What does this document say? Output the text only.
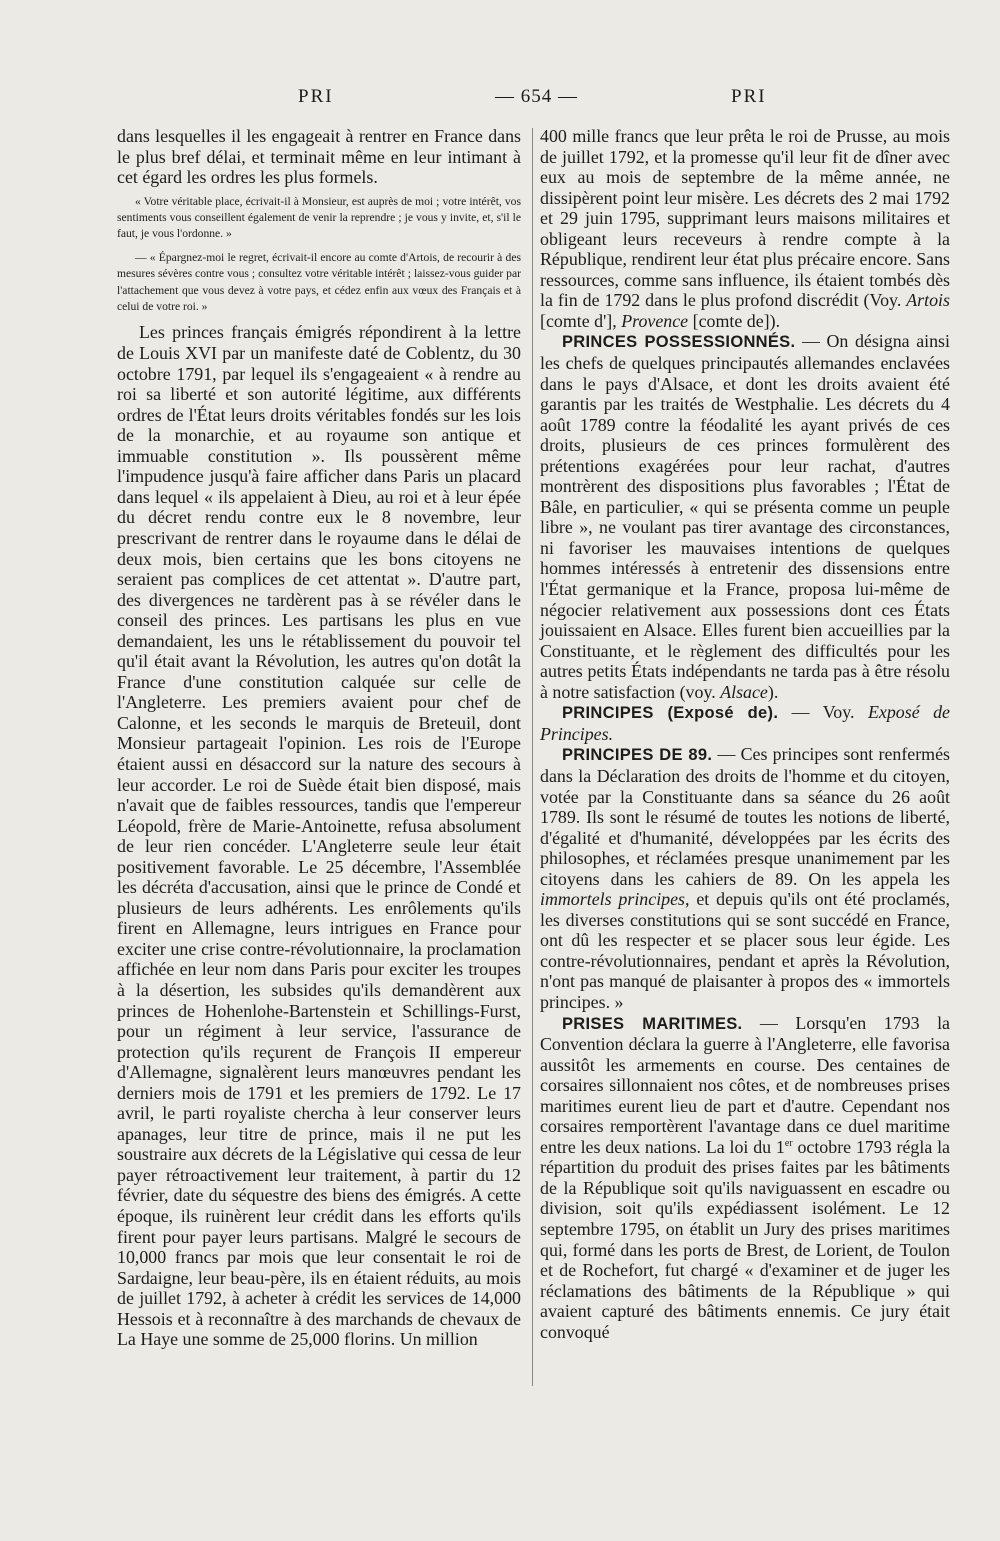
PRI	— 654 —	PRI

dans lesquelles il les engageait à rentrer en France dans le plus bref délai, et terminait même en leur intimant à cet égard les ordres les plus formels.

« Votre véritable place, écrivait-il à Monsieur, est auprès de moi ; votre intérêt, vos sentiments vous conseillent également de venir la reprendre ; je vous y invite, et, s'il le faut, je vous l'ordonne. »

— « Épargnez-moi le regret, écrivait-il encore au comte d'Artois, de recourir à des mesures sévères contre vous ; consultez votre véritable intérêt ; laissez-vous guider par l'attachement que vous devez à votre pays, et cédez enfin aux vœux des Français et à celui de votre roi. »

Les princes français émigrés répondirent à la lettre de Louis XVI par un manifeste daté de Coblentz, du 30 octobre 1791, par lequel ils s'engageaient « à rendre au roi sa liberté et son autorité légitime, aux différents ordres de l'État leurs droits véritables fondés sur les lois de la monarchie, et au royaume son antique et immuable constitution ». Ils poussèrent même l'impudence jusqu'à faire afficher dans Paris un placard dans lequel « ils appelaient à Dieu, au roi et à leur épée du décret rendu contre eux le 8 novembre, leur prescrivant de rentrer dans le royaume dans le délai de deux mois, bien certains que les bons citoyens ne seraient pas complices de cet attentat ». D'autre part, des divergences ne tardèrent pas à se révéler dans le conseil des princes. Les partisans les plus en vue demandaient, les uns le rétablissement du pouvoir tel qu'il était avant la Révolution, les autres qu'on dotât la France d'une constitution calquée sur celle de l'Angleterre. Les premiers avaient pour chef de Calonne, et les seconds le marquis de Breteuil, dont Monsieur partageait l'opinion. Les rois de l'Europe étaient aussi en désaccord sur la nature des secours à leur accorder. Le roi de Suède était bien disposé, mais n'avait que de faibles ressources, tandis que l'empereur Léopold, frère de Marie-Antoinette, refusa absolument de leur rien concéder. L'Angleterre seule leur était positivement favorable. Le 25 décembre, l'Assemblée les décréta d'accusation, ainsi que le prince de Condé et plusieurs de leurs adhérents. Les enrôlements qu'ils firent en Allemagne, leurs intrigues en France pour exciter une crise contre-révolutionnaire, la proclamation affichée en leur nom dans Paris pour exciter les troupes à la désertion, les subsides qu'ils demandèrent aux princes de Hohenlohe-Bartenstein et Schillings-Furst, pour un régiment à leur service, l'assurance de protection qu'ils reçurent de François II empereur d'Allemagne, signalèrent leurs manœuvres pendant les derniers mois de 1791 et les premiers de 1792. Le 17 avril, le parti royaliste chercha à leur conserver leurs apanages, leur titre de prince, mais il ne put les soustraire aux décrets de la Législative qui cessa de leur payer rétroactivement leur traitement, à partir du 12 février, date du séquestre des biens des émigrés. A cette époque, ils ruinèrent leur crédit dans les efforts qu'ils firent pour payer leurs partisans. Malgré le secours de 10,000 francs par mois que leur consentait le roi de Sardaigne, leur beau-père, ils en étaient réduits, au mois de juillet 1792, à acheter à crédit les services de 14,000 Hessois et à reconnaître à des marchands de chevaux de La Haye une somme de 25,000 florins. Un million

400 mille francs que leur prêta le roi de Prusse, au mois de juillet 1792, et la promesse qu'il leur fit de dîner avec eux au mois de septembre de la même année, ne dissipèrent point leur misère. Les décrets des 2 mai 1792 et 29 juin 1795, supprimant leurs maisons militaires et obligeant leurs receveurs à rendre compte à la République, rendirent leur état plus précaire encore. Sans ressources, comme sans influence, ils étaient tombés dès la fin de 1792 dans le plus profond discrédit (Voy. Artois [comte d'], Provence [comte de]).

PRINCES POSSESSIONNÉS. — On désigna ainsi les chefs de quelques principautés allemandes enclavées dans le pays d'Alsace, et dont les droits avaient été garantis par les traités de Westphalie. Les décrets du 4 août 1789 contre la féodalité les ayant privés de ces droits, plusieurs de ces princes formulèrent des prétentions exagérées pour leur rachat, d'autres montrèrent des dispositions plus favorables ; l'État de Bâle, en particulier, « qui se présenta comme un peuple libre », ne voulant pas tirer avantage des circonstances, ni favoriser les mauvaises intentions de quelques hommes intéressés à entretenir des dissensions entre l'État germanique et la France, proposa lui-même de négocier relativement aux possessions dont ces États jouissaient en Alsace. Elles furent bien accueillies par la Constituante, et le règlement des difficultés pour les autres petits États indépendants ne tarda pas à être résolu à notre satisfaction (voy. Alsace).

PRINCIPES (Exposé de). — Voy. Exposé de Principes.

PRINCIPES DE 89. — Ces principes sont renfermés dans la Déclaration des droits de l'homme et du citoyen, votée par la Constituante dans sa séance du 26 août 1789. Ils sont le résumé de toutes les notions de liberté, d'égalité et d'humanité, développées par les écrits des philosophes, et réclamées presque unanimement par les citoyens dans les cahiers de 89. On les appela les immortels principes, et depuis qu'ils ont été proclamés, les diverses constitutions qui se sont succédé en France, ont dû les respecter et se placer sous leur égide. Les contre-révolutionnaires, pendant et après la Révolution, n'ont pas manqué de plaisanter à propos des « immortels principes. »

PRISES MARITIMES. — Lorsqu'en 1793 la Convention déclara la guerre à l'Angleterre, elle favorisa aussitôt les armements en course. Des centaines de corsaires sillonnaient nos côtes, et de nombreuses prises maritimes eurent lieu de part et d'autre. Cependant nos corsaires remportèrent l'avantage dans ce duel maritime entre les deux nations. La loi du 1er octobre 1793 régla la répartition du produit des prises faites par les bâtiments de la République soit qu'ils naviguassent en escadre ou division, soit qu'ils expédiassent isolément. Le 12 septembre 1795, on établit un Jury des prises maritimes qui, formé dans les ports de Brest, de Lorient, de Toulon et de Rochefort, fut chargé « d'examiner et de juger les réclamations des bâtiments de la République » qui avaient capturé des bâtiments ennemis. Ce jury était convoqué
